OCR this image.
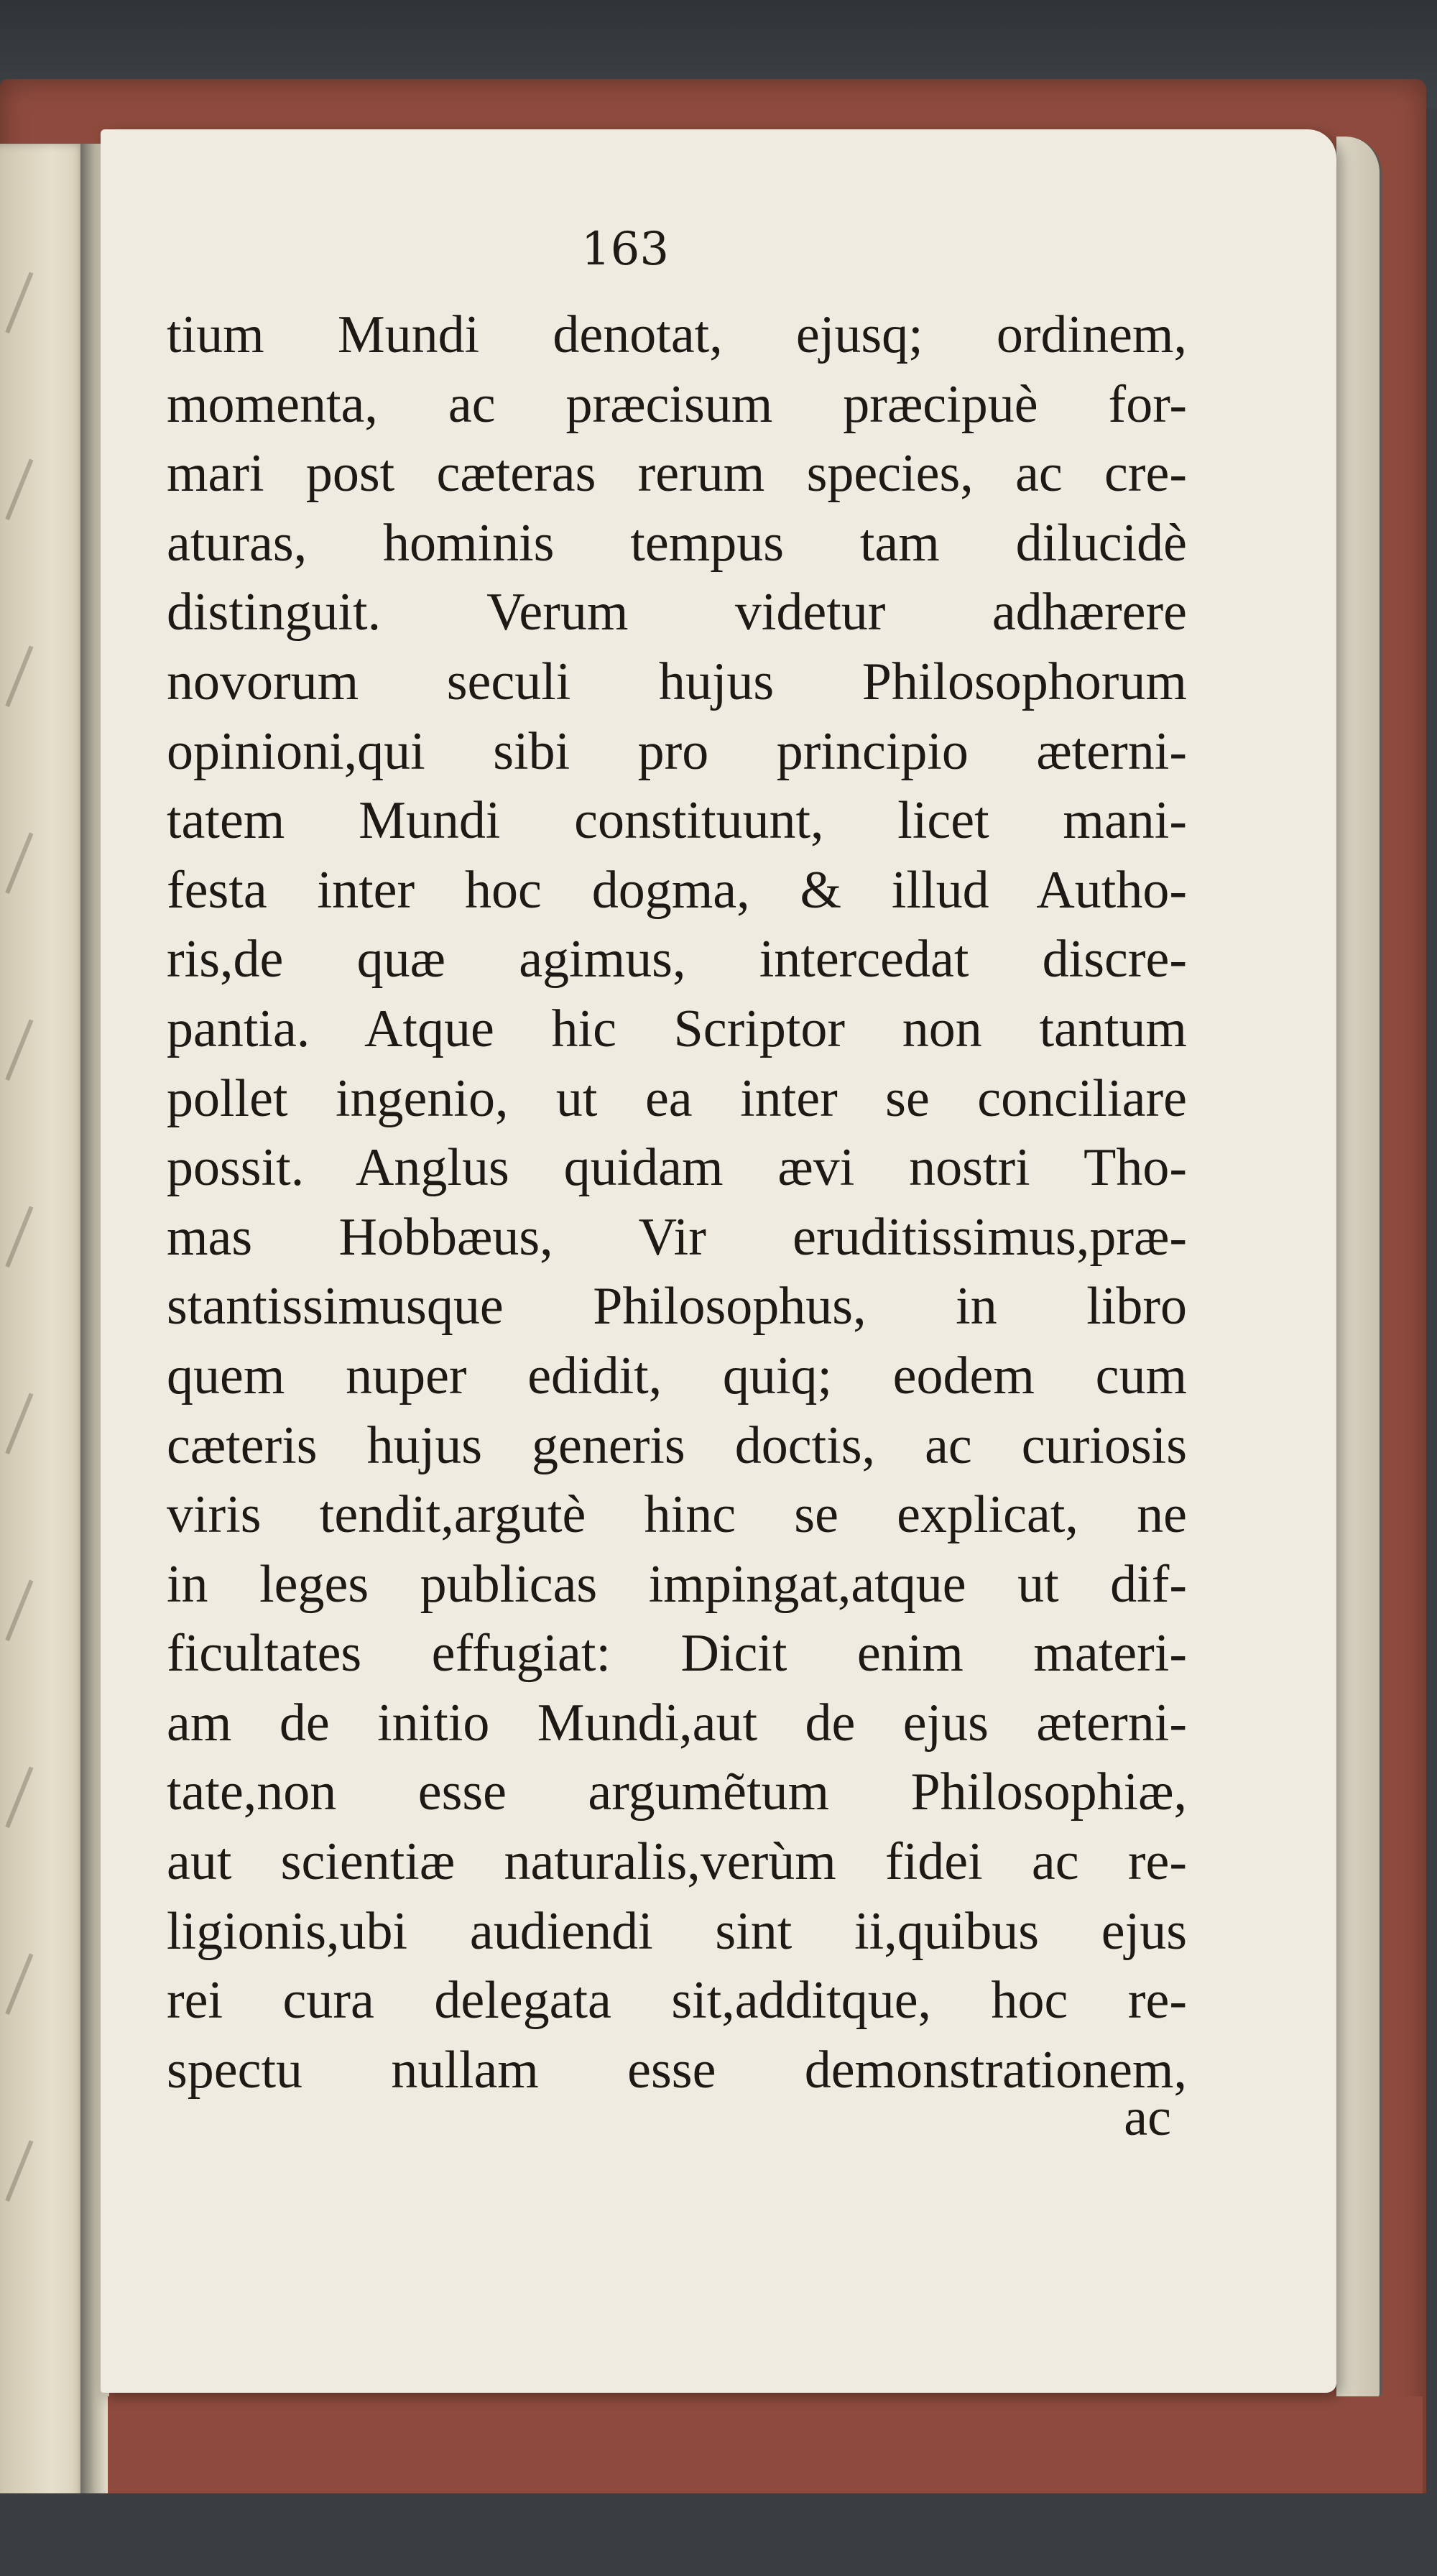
163
tium Mundi denotat, ejusq; ordinem,
momenta, ac præcisum præcipuè for-
mari post cæteras rerum species, ac cre-
aturas, hominis tempus tam dilucidè
distinguit. Verum videtur adhærere
novorum seculi hujus Philosophorum
opinioni,qui sibi pro principio æterni-
tatem Mundi constituunt, licet mani-
festa inter hoc dogma, & illud Autho-
ris,de quæ agimus, intercedat discre-
pantia. Atque hic Scriptor non tantum
pollet ingenio, ut ea inter se conciliare
possit. Anglus quidam ævi nostri Tho-
mas Hobbæus, Vir eruditissimus,præ-
stantissimusque Philosophus, in libro
quem nuper edidit, quiq; eodem cum
cæteris hujus generis doctis, ac curiosis
viris tendit,argutè hinc se explicat, ne
in leges publicas impingat,atque ut dif-
ficultates effugiat: Dicit enim materi-
am de initio Mundi,aut de ejus æterni-
tate,non esse argumẽtum Philosophiæ,
aut scientiæ naturalis,verùm fidei ac re-
ligionis,ubi audiendi sint ii,quibus ejus
rei cura delegata sit,additque, hoc re-
spectu nullam esse demonstrationem,
ac
